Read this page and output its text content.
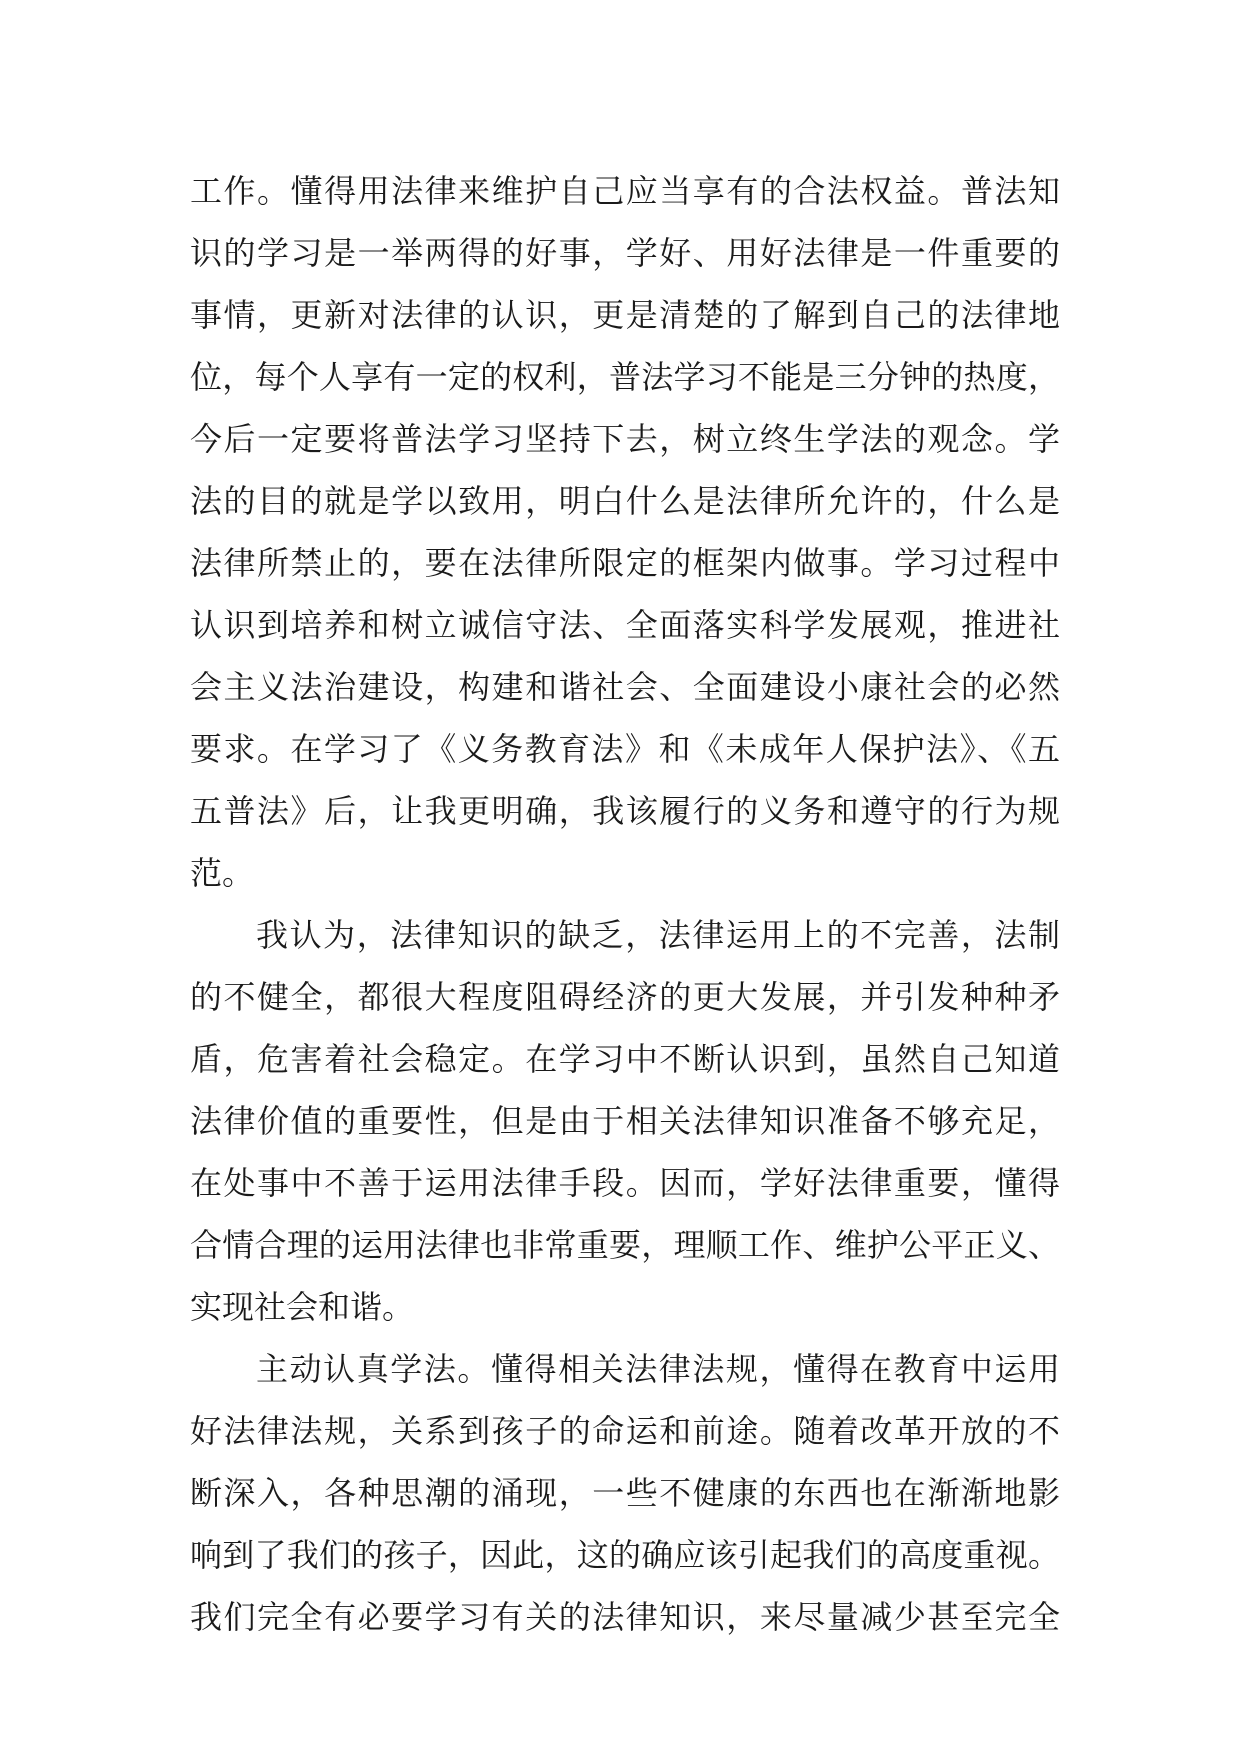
工作。懂得用法律来维护自己应当享有的合法权益。普法知
识的学习是一举两得的好事，学好、用好法律是一件重要的
事情，更新对法律的认识，更是清楚的了解到自己的法律地
位，每个人享有一定的权利，普法学习不能是三分钟的热度，
今后一定要将普法学习坚持下去，树立终生学法的观念。学
法的目的就是学以致用，明白什么是法律所允许的，什么是
法律所禁止的，要在法律所限定的框架内做事。学习过程中
认识到培养和树立诚信守法、全面落实科学发展观，推进社
会主义法治建设，构建和谐社会、全面建设小康社会的必然
要求。在学习了《义务教育法》和《未成年人保护法》、《五
五普法》后，让我更明确，我该履行的义务和遵守的行为规
范。
我认为，法律知识的缺乏，法律运用上的不完善，法制
的不健全，都很大程度阻碍经济的更大发展，并引发种种矛
盾，危害着社会稳定。在学习中不断认识到，虽然自己知道
法律价值的重要性，但是由于相关法律知识准备不够充足，
在处事中不善于运用法律手段。因而，学好法律重要，懂得
合情合理的运用法律也非常重要，理顺工作、维护公平正义、
实现社会和谐。
主动认真学法。懂得相关法律法规，懂得在教育中运用
好法律法规，关系到孩子的命运和前途。随着改革开放的不
断深入，各种思潮的涌现，一些不健康的东西也在渐渐地影
响到了我们的孩子，因此，这的确应该引起我们的高度重视。
我们完全有必要学习有关的法律知识，来尽量减少甚至完全
